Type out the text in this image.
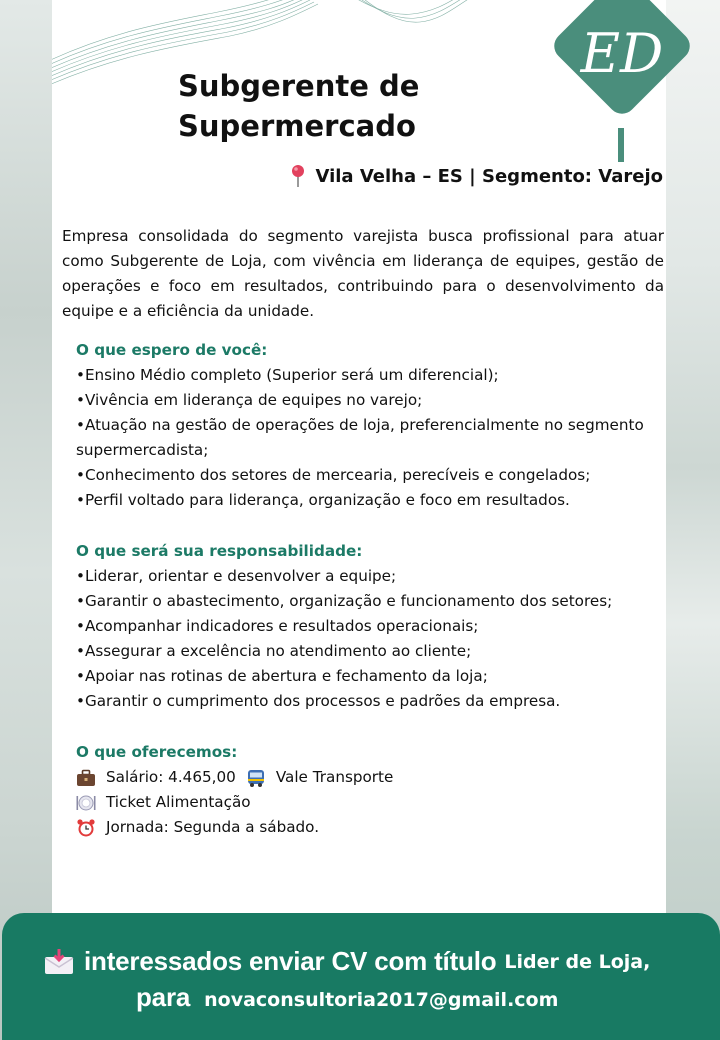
ED
Subgerente de
Supermercado
Vila Velha – ES | Segmento: Varejo
Empresa consolidada do segmento varejista busca profissional para atuar como Subgerente de Loja, com vivência em liderança de equipes, gestão de operações e foco em resultados, contribuindo para o desenvolvimento da equipe e a eficiência da unidade.

O que espero de você:

•Ensino Médio completo (Superior será um diferencial);

•Vivência em liderança de equipes no varejo;

•Atuação na gestão de operações de loja, preferencialmente no segmento supermercadista;

•Conhecimento dos setores de mercearia, perecíveis e congelados;

•Perfil voltado para liderança, organização e foco em resultados.

O que será sua responsabilidade:

•Liderar, orientar e desenvolver a equipe;

•Garantir o abastecimento, organização e funcionamento dos setores;

•Acompanhar indicadores e resultados operacionais;

•Assegurar a excelência no atendimento ao cliente;

•Apoiar nas rotinas de abertura e fechamento da loja;

•Garantir o cumprimento dos processos e padrões da empresa.

O que oferecemos:

Salário: 4.465,00	Vale Transporte
Ticket Alimentação
Jornada: Segunda a sábado.
interessados enviar CV com título Lider de Loja,
para novaconsultoria2017@gmail.com
